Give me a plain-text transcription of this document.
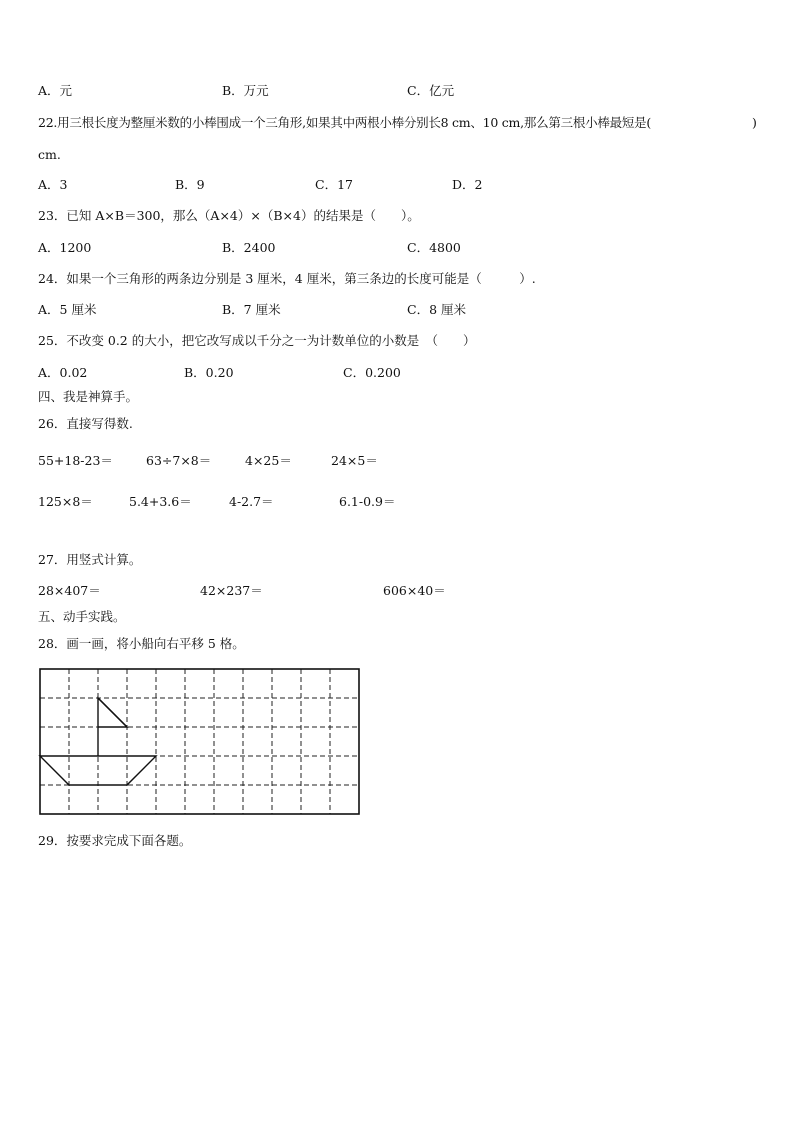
A．元	B．万元	C．亿元
22.用三根长度为整厘米数的小棒围成一个三角形,如果其中两根小棒分别长8 cm、10 cm,那么第三根小棒最短是(	)
cm.
A．3	B．9	C．17	D．2
23．已知 A×B＝300，那么（A×4）×（B×4）的结果是（　　）。
A．1200	B．2400	C．4800
24．如果一个三角形的两条边分别是 3 厘米，4 厘米，第三条边的长度可能是（　　　）.
A．5 厘米	B．7 厘米	C．8 厘米
25．不改变 0.2 的大小，把它改写成以千分之一为计数单位的小数是　（　　）
A．0.02	B．0.20	C．0.200
四、我是神算手。
26．直接写得数.
55+18-23＝	63÷7×8＝	4×25＝	24×5＝
125×8＝	5.4+3.6＝	4-2.7＝	6.1-0.9＝
27．用竖式计算。
28×407＝	42×237＝	606×40＝
五、动手实践。
28．画一画，将小船向右平移 5 格。
29．按要求完成下面各题。
